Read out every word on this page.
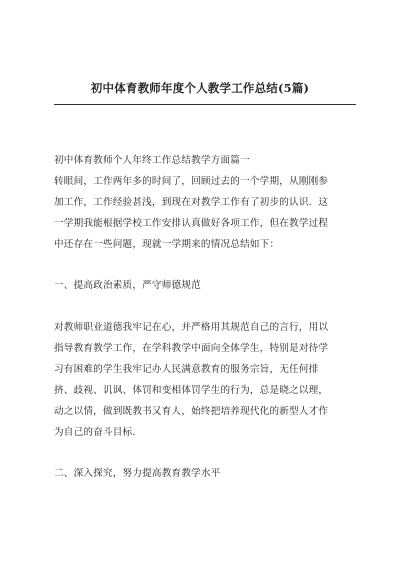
初中体育教师年度个人教学工作总结(5篇)
初中体育教师个人年终工作总结教学方面篇一
转眼间，工作两年多的时间了，回顾过去的一个学期，从刚刚参
加工作，工作经验甚浅，到现在对教学工作有了初步的认识．这
一学期我能根据学校工作安排认真做好各项工作，但在教学过程
中还存在一些问题，现就一学期来的情况总结如下：
一、提高政治素质，严守师德规范
对教师职业道德我牢记在心，并严格用其规范自己的言行，用以
指导教育教学工作，在学科教学中面向全体学生，特别是对待学
习有困难的学生我牢记办人民满意教育的服务宗旨，无任何排
挤、歧视、讥讽、体罚和变相体罚学生的行为，总是晓之以理，
动之以情，做到既教书又育人，始终把培养现代化的新型人才作
为自己的奋斗目标.
二、深入探究，努力提高教育教学水平
